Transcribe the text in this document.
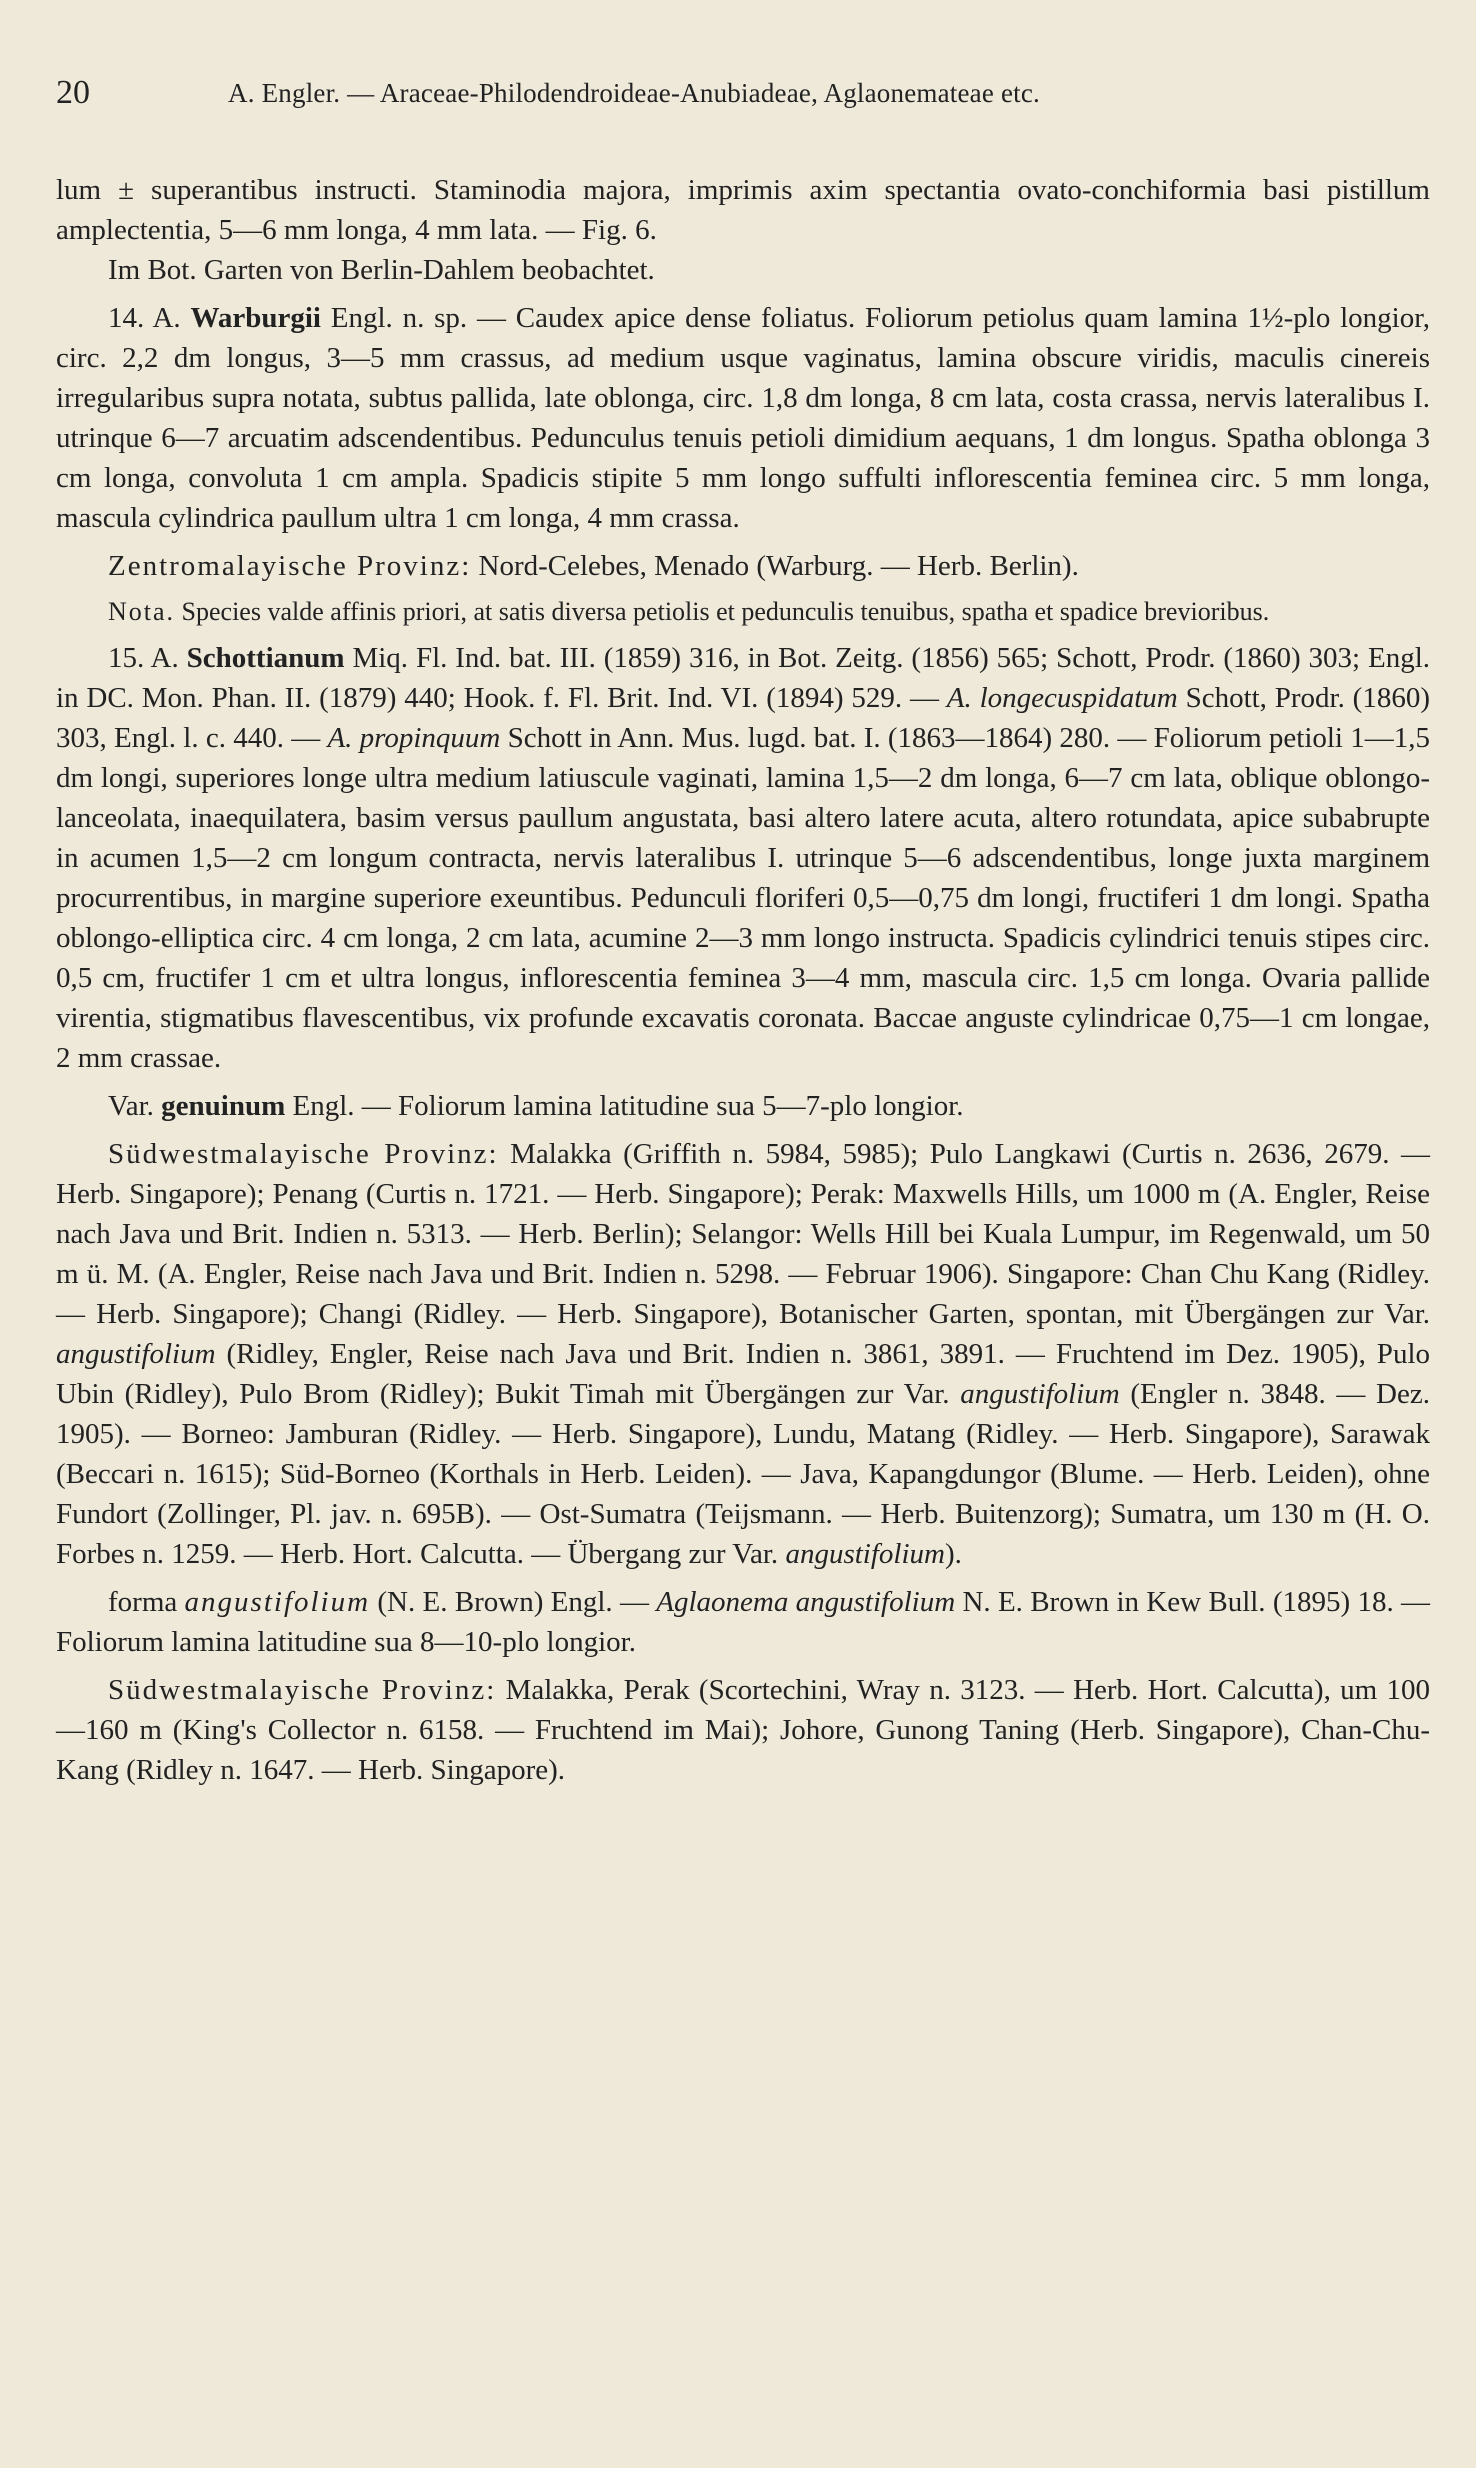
20	A. Engler. — Araceae-Philodendroideae-Anubiadeae, Aglaonemateae etc.

lum ± superantibus instructi. Staminodia majora, imprimis axim spectantia ovato-conchiformia basi pistillum amplectentia, 5—6 mm longa, 4 mm lata. — Fig. 6.

Im Bot. Garten von Berlin-Dahlem beobachtet.

14. A. Warburgii Engl. n. sp. — Caudex apice dense foliatus. Foliorum petiolus quam lamina 1½-plo longior, circ. 2,2 dm longus, 3—5 mm crassus, ad medium usque vaginatus, lamina obscure viridis, maculis cinereis irregularibus supra notata, subtus pallida, late oblonga, circ. 1,8 dm longa, 8 cm lata, costa crassa, nervis lateralibus I. utrinque 6—7 arcuatim adscendentibus. Pedunculus tenuis petioli dimidium aequans, 1 dm longus. Spatha oblonga 3 cm longa, convoluta 1 cm ampla. Spadicis stipite 5 mm longo suffulti inflorescentia feminea circ. 5 mm longa, mascula cylindrica paullum ultra 1 cm longa, 4 mm crassa.

Zentromalayische Provinz: Nord-Celebes, Menado (Warburg. — Herb. Berlin).

Nota. Species valde affinis priori, at satis diversa petiolis et pedunculis tenuibus, spatha et spadice brevioribus.

15. A. Schottianum Miq. Fl. Ind. bat. III. (1859) 316, in Bot. Zeitg. (1856) 565; Schott, Prodr. (1860) 303; Engl. in DC. Mon. Phan. II. (1879) 440; Hook. f. Fl. Brit. Ind. VI. (1894) 529. — A. longecuspidatum Schott, Prodr. (1860) 303, Engl. l. c. 440. — A. propinquum Schott in Ann. Mus. lugd. bat. I. (1863—1864) 280. — Foliorum petioli 1—1,5 dm longi, superiores longe ultra medium latiuscule vaginati, lamina 1,5—2 dm longa, 6—7 cm lata, oblique oblongo-lanceolata, inaequilatera, basim versus paullum angustata, basi altero latere acuta, altero rotundata, apice subabrupte in acumen 1,5—2 cm longum contracta, nervis lateralibus I. utrinque 5—6 adscendentibus, longe juxta marginem procurrentibus, in margine superiore exeuntibus. Pedunculi floriferi 0,5—0,75 dm longi, fructiferi 1 dm longi. Spatha oblongo-elliptica circ. 4 cm longa, 2 cm lata, acumine 2—3 mm longo instructa. Spadicis cylindrici tenuis stipes circ. 0,5 cm, fructifer 1 cm et ultra longus, inflorescentia feminea 3—4 mm, mascula circ. 1,5 cm longa. Ovaria pallide virentia, stigmatibus flavescentibus, vix profunde excavatis coronata. Baccae anguste cylindricae 0,75—1 cm longae, 2 mm crassae.

Var. genuinum Engl. — Foliorum lamina latitudine sua 5—7-plo longior.

Südwestmalayische Provinz: Malakka (Griffith n. 5984, 5985); Pulo Langkawi (Curtis n. 2636, 2679. — Herb. Singapore); Penang (Curtis n. 1721. — Herb. Singapore); Perak: Maxwells Hills, um 1000 m (A. Engler, Reise nach Java und Brit. Indien n. 5313. — Herb. Berlin); Selangor: Wells Hill bei Kuala Lumpur, im Regenwald, um 50 m ü. M. (A. Engler, Reise nach Java und Brit. Indien n. 5298. — Februar 1906). Singapore: Chan Chu Kang (Ridley. — Herb. Singapore); Changi (Ridley. — Herb. Singapore), Botanischer Garten, spontan, mit Übergängen zur Var. angustifolium (Ridley, Engler, Reise nach Java und Brit. Indien n. 3861, 3891. — Fruchtend im Dez. 1905), Pulo Ubin (Ridley), Pulo Brom (Ridley); Bukit Timah mit Übergängen zur Var. angustifolium (Engler n. 3848. — Dez. 1905). — Borneo: Jamburan (Ridley. — Herb. Singapore), Lundu, Matang (Ridley. — Herb. Singapore), Sarawak (Beccari n. 1615); Süd-Borneo (Korthals in Herb. Leiden). — Java, Kapangdungor (Blume. — Herb. Leiden), ohne Fundort (Zollinger, Pl. jav. n. 695B). — Ost-Sumatra (Teijsmann. — Herb. Buitenzorg); Sumatra, um 130 m (H. O. Forbes n. 1259. — Herb. Hort. Calcutta. — Übergang zur Var. angustifolium).

forma angustifolium (N. E. Brown) Engl. — Aglaonema angustifolium N. E. Brown in Kew Bull. (1895) 18. — Foliorum lamina latitudine sua 8—10-plo longior.

Südwestmalayische Provinz: Malakka, Perak (Scortechini, Wray n. 3123. — Herb. Hort. Calcutta), um 100—160 m (King's Collector n. 6158. — Fruchtend im Mai); Johore, Gunong Taning (Herb. Singapore), Chan-Chu-Kang (Ridley n. 1647. — Herb. Singapore).
